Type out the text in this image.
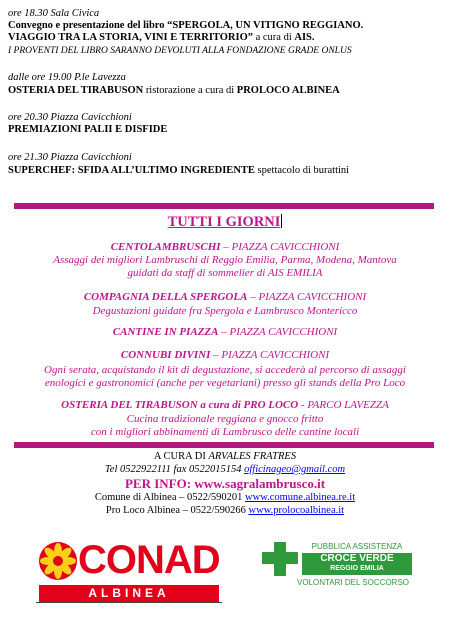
ore 18.30 Sala Civica
Convegno e presentazione del libro “SPERGOLA, UN VITIGNO REGGIANO.
VIAGGIO TRA LA STORIA, VINI E TERRITORIO” a cura di AIS.
I PROVENTI DEL LIBRO SARANNO DEVOLUTI ALLA FONDAZIONE GRADE ONLUS
dalle ore 19.00 P.le Lavezza
OSTERIA DEL TIRABUSON ristorazione a cura di PROLOCO ALBINEA
ore 20.30 Piazza Cavicchioni
PREMIAZIONI PALII E DISFIDE
ore 21.30 Piazza Cavicchioni
SUPERCHEF: SFIDA ALL’ULTIMO INGREDIENTE spettacolo di burattini
TUTTI I GIORNI
CENTOLAMBRUSCHI – PIAZZA CAVICCHIONI
Assaggi dei migliori Lambruschi di Reggio Emilia, Parma, Modena, Mantova
guidati da staff di sommelier di AIS EMILIA
COMPAGNIA DELLA SPERGOLA – PIAZZA CAVICCHIONI
Degustazioni guidate fra Spergola e Lambrusco Montericco
CANTINE IN PIAZZA – PIAZZA CAVICCHIONI
CONNUBI DIVINI – PIAZZA CAVICCHIONI
Ogni serata, acquistando il kit di degustazione, si accederà al percorso di assaggi
enologici e gastronomici (anche per vegetariani) presso gli stands della Pro Loco
OSTERIA DEL TIRABUSON a cura di PRO LOCO - PARCO LAVEZZA
Cucina tradizionale reggiana e gnocco fritto
con i migliori abbinamenti di Lambrusco delle cantine locali
A CURA DI ARVALES FRATRES
Tel 0522922111 fax 0522015154 officinageo@gmail.com
PER INFO: www.sagralambrusco.it
Comune di Albinea – 0522/590201 www.comune.albinea.re.it
Pro Loco Albinea – 0522/590266 www.prolocoalbinea.it
CONAD
ALBINEA
PUBBLICA ASSISTENZA
CROCE VERDE
REGGIO EMILIA
VOLONTARI DEL SOCCORSO
